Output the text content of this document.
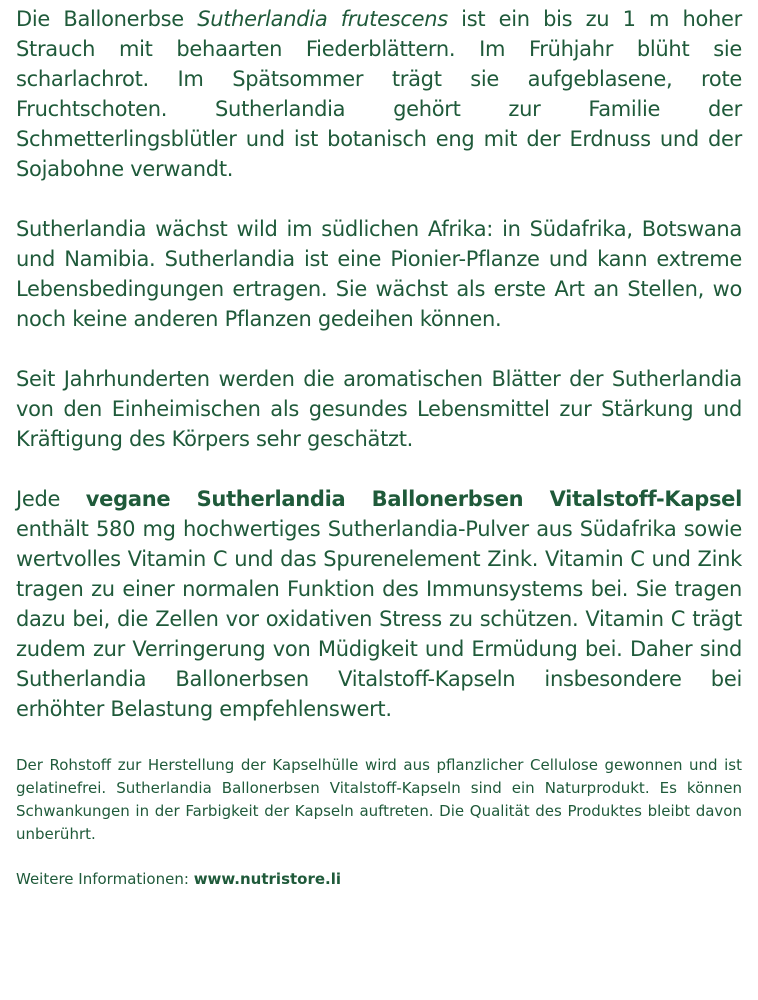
Die Ballonerbse Sutherlandia frutescens ist ein bis zu 1 m hoher Strauch mit behaarten Fiederblättern. Im Frühjahr blüht sie scharlachrot. Im Spätsommer trägt sie aufgeblasene, rote Fruchtschoten. Sutherlandia gehört zur Familie der Schmetterlingsblütler und ist botanisch eng mit der Erdnuss und der Sojabohne verwandt.

Sutherlandia wächst wild im südlichen Afrika: in Südafrika, Botswana und Namibia. Sutherlandia ist eine Pionier-Pflanze und kann extreme Lebensbedingungen ertragen. Sie wächst als erste Art an Stellen, wo noch keine anderen Pflanzen gedeihen können.

Seit Jahrhunderten werden die aromatischen Blätter der Sutherlandia von den Einheimischen als gesundes Lebensmittel zur Stärkung und Kräftigung des Körpers sehr geschätzt.

Jede vegane Sutherlandia Ballonerbsen Vitalstoff-Kapsel enthält 580 mg hochwertiges Sutherlandia-Pulver aus Südafrika sowie wertvolles Vitamin C und das Spurenelement Zink. Vitamin C und Zink tragen zu einer normalen Funktion des Immunsystems bei. Sie tragen dazu bei, die Zellen vor oxidativen Stress zu schützen. Vitamin C trägt zudem zur Verringerung von Müdigkeit und Ermüdung bei. Daher sind Sutherlandia Ballonerbsen Vitalstoff-Kapseln insbesondere bei erhöhter Belastung empfehlenswert.

Der Rohstoff zur Herstellung der Kapselhülle wird aus pflanzlicher Cellulose gewonnen und ist gelatinefrei. Sutherlandia Ballonerbsen Vitalstoff-Kapseln sind ein Naturprodukt. Es können Schwankungen in der Farbigkeit der Kapseln auftreten. Die Qualität des Produktes bleibt davon unberührt.

Weitere Informationen: www.nutristore.li
